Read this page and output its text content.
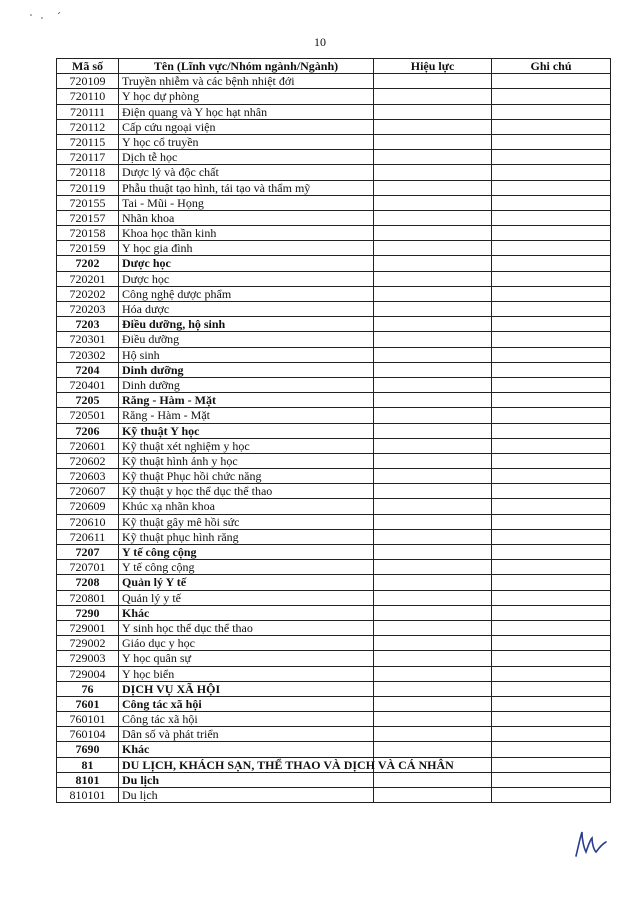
10
Mã số	Tên (Lĩnh vực/Nhóm ngành/Ngành)	Hiệu lực	Ghi chú
720109	Truyền nhiễm và các bệnh nhiệt đới		
720110	Y học dự phòng		
720111	Điện quang và Y học hạt nhân		
720112	Cấp cứu ngoại viện		
720115	Y học cổ truyền		
720117	Dịch tễ học		
720118	Dược lý và độc chất		
720119	Phẫu thuật tạo hình, tái tạo và thẩm mỹ		
720155	Tai - Mũi - Họng		
720157	Nhãn khoa		
720158	Khoa học thần kinh		
720159	Y học gia đình		
7202	Dược học		
720201	Dược học		
720202	Công nghệ dược phẩm		
720203	Hóa dược		
7203	Điều dưỡng, hộ sinh		
720301	Điều dưỡng		
720302	Hộ sinh		
7204	Dinh dưỡng		
720401	Dinh dưỡng		
7205	Răng - Hàm - Mặt		
720501	Răng - Hàm - Mặt		
7206	Kỹ thuật Y học		
720601	Kỹ thuật xét nghiệm y học		
720602	Kỹ thuật hình ảnh y học		
720603	Kỹ thuật Phục hồi chức năng		
720607	Kỹ thuật y học thể dục thể thao		
720609	Khúc xạ nhãn khoa		
720610	Kỹ thuật gây mê hồi sức		
720611	Kỹ thuật phục hình răng		
7207	Y tế công cộng		
720701	Y tế công cộng		
7208	Quản lý Y tế		
720801	Quản lý y tế		
7290	Khác		
729001	Y sinh học thể dục thể thao		
729002	Giáo dục y học		
729003	Y học quân sự		
729004	Y học biển		
76	DỊCH VỤ XÃ HỘI		
7601	Công tác xã hội		
760101	Công tác xã hội		
760104	Dân số và phát triển		
7690	Khác		
81	DU LỊCH, KHÁCH SẠN, THỂ THAO VÀ DỊCH VÀ CÁ NHÂN		
8101	Du lịch		
810101	Du lịch		
